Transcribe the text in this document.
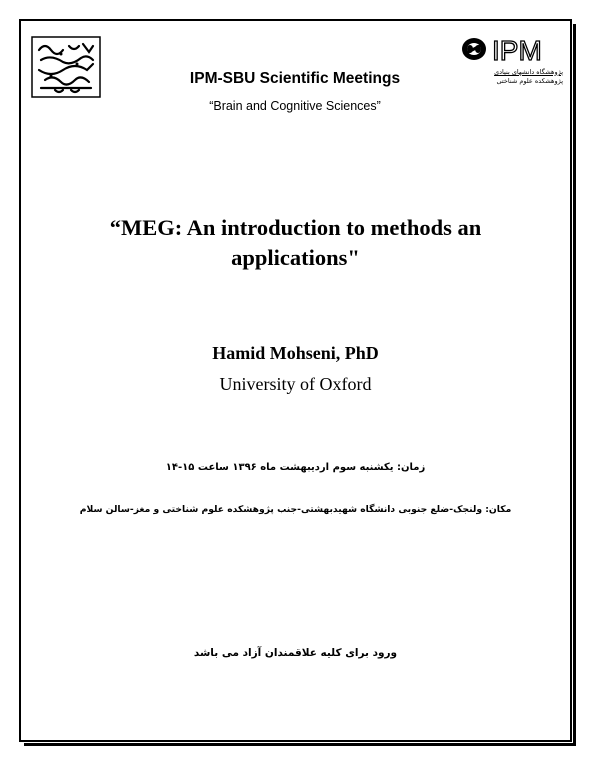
IPM
پژوهشگاه دانشهای بنیادی
پژوهشکده علوم شناختی
IPM-SBU Scientific Meetings
“Brain and Cognitive Sciences”
“MEG: An introduction to methods an applications"
Hamid Mohseni, PhD
University of Oxford
زمان: یکشنبه سوم اردیبهشت ماه ۱۳۹۶ ساعت ۱۵-۱۴
مکان: ولنجک-ضلع جنوبی دانشگاه شهیدبهشتی-جنب پژوهشکده علوم شناختی و مغز-سالن سلام
ورود برای کلیه علاقمندان آزاد می باشد
